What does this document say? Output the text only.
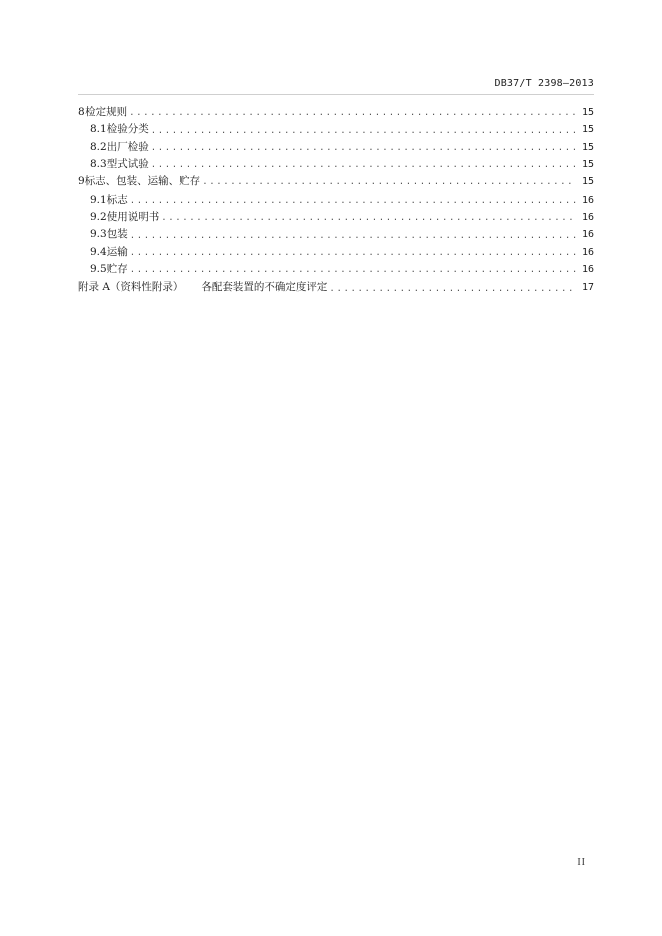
DB37/T 2398—2013
8 检定规则 .....	15
8.1 检验分类 .....	15
8.2 出厂检验 .....	15
8.3 型式试验 .....	15
9 标志、包装、运输、贮存 .....	15
9.1 标志 .....	16
9.2 使用说明书 .....	16
9.3 包装 .....	16
9.4 运输 .....	16
9.5 贮存 .....	16
附录 A（资料性附录）	各配套装置的不确定度评定 .....	17
II
